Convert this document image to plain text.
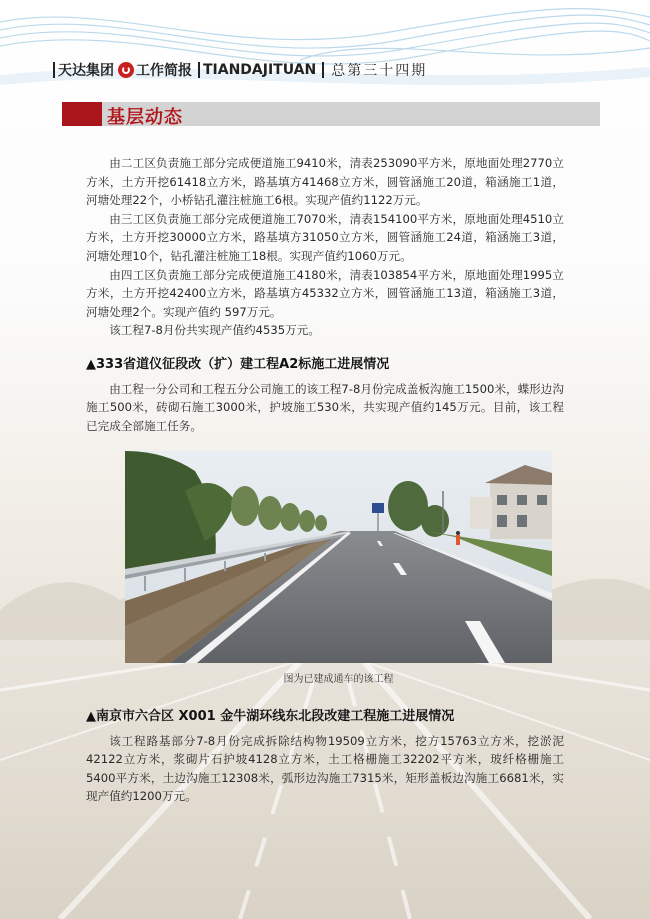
天达集团 工作简报 TIANDAJITUAN 总第三十四期
基层动态

由二工区负责施工部分完成便道施工9410米，清表253090平方米，原地面处理2770立方米，土方开挖61418立方米，路基填方41468立方米，圆管涵施工20道，箱涵施工1道，河塘处理22个，小桥钻孔灌注桩施工6根。实现产值约1122万元。

由三工区负责施工部分完成便道施工7070米，清表154100平方米，原地面处理4510立方米，土方开挖30000立方米，路基填方31050立方米，圆管涵施工24道，箱涵施工3道，河塘处理10个，钻孔灌注桩施工18根。实现产值约1060万元。

由四工区负责施工部分完成便道施工4180米，清表103854平方米，原地面处理1995立方米，土方开挖42400立方米，路基填方45332立方米，圆管涵施工13道，箱涵施工3道，河塘处理2个。实现产值约 597万元。

该工程7-8月份共实现产值约4535万元。

▲333省道仪征段改（扩）建工程A2标施工进展情况

由工程一分公司和工程五分公司施工的该工程7-8月份完成盖板沟施工1500米，蝶形边沟施工500米，砖砌石施工3000米，护坡施工530米，共实现产值约145万元。目前，该工程已完成全部施工任务。

图为已建成通车的该工程

▲南京市六合区 X001 金牛湖环线东北段改建工程施工进展情况

该工程路基部分7-8月份完成拆除结构物19509立方米，挖方15763立方米，挖淤泥42122立方米，浆砌片石护坡4128立方米，土工格栅施工32202平方米，玻纤格栅施工5400平方米，土边沟施工12308米，弧形边沟施工7315米，矩形盖板边沟施工6681米，实现产值约1200万元。
